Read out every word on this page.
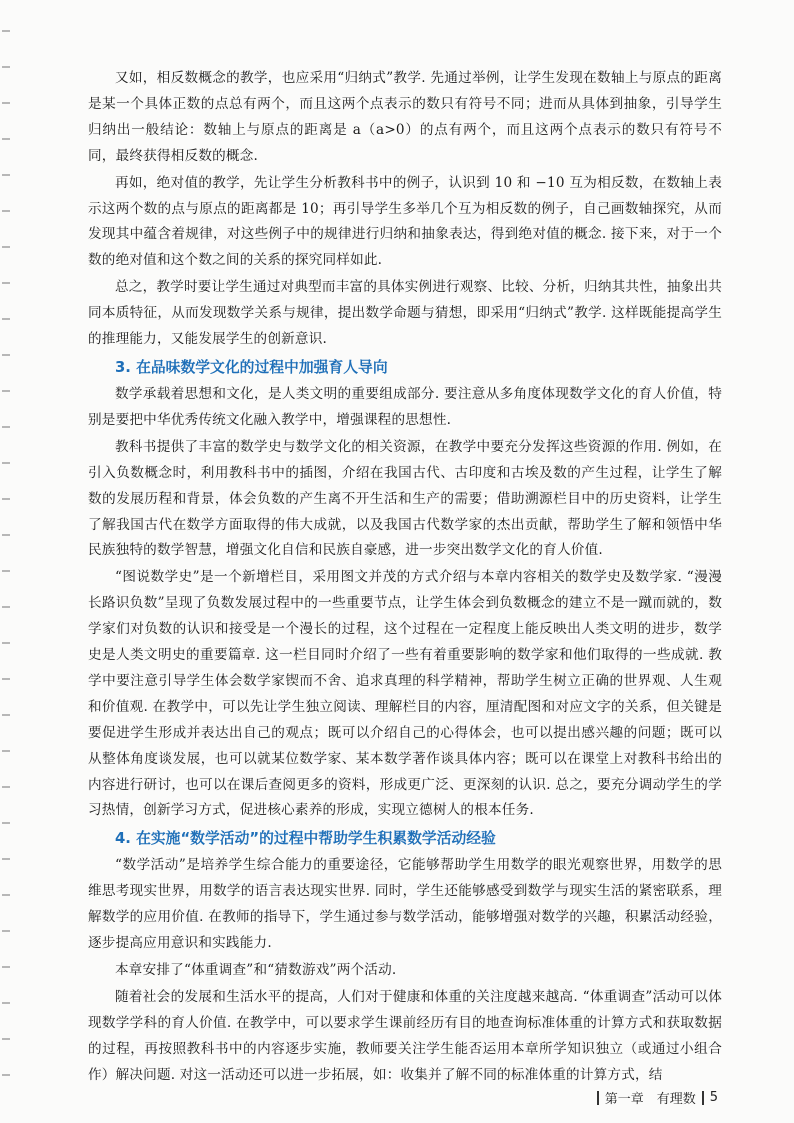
又如，相反数概念的教学，也应采用“归纳式”教学. 先通过举例，让学生发现在数轴上与原点的距离是某一个具体正数的点总有两个，而且这两个点表示的数只有符号不同；进而从具体到抽象，引导学生归纳出一般结论：数轴上与原点的距离是 a（a>0）的点有两个，而且这两个点表示的数只有符号不同，最终获得相反数的概念.

再如，绝对值的教学，先让学生分析教科书中的例子，认识到 10 和 −10 互为相反数，在数轴上表示这两个数的点与原点的距离都是 10；再引导学生多举几个互为相反数的例子，自己画数轴探究，从而发现其中蕴含着规律，对这些例子中的规律进行归纳和抽象表达，得到绝对值的概念. 接下来，对于一个数的绝对值和这个数之间的关系的探究同样如此.

总之，教学时要让学生通过对典型而丰富的具体实例进行观察、比较、分析，归纳其共性，抽象出共同本质特征，从而发现数学关系与规律，提出数学命题与猜想，即采用“归纳式”教学. 这样既能提高学生的推理能力，又能发展学生的创新意识.

3. 在品味数学文化的过程中加强育人导向

数学承载着思想和文化，是人类文明的重要组成部分. 要注意从多角度体现数学文化的育人价值，特别是要把中华优秀传统文化融入教学中，增强课程的思想性.

教科书提供了丰富的数学史与数学文化的相关资源，在教学中要充分发挥这些资源的作用. 例如，在引入负数概念时，利用教科书中的插图，介绍在我国古代、古印度和古埃及数的产生过程，让学生了解数的发展历程和背景，体会负数的产生离不开生活和生产的需要；借助溯源栏目中的历史资料，让学生了解我国古代在数学方面取得的伟大成就，以及我国古代数学家的杰出贡献，帮助学生了解和领悟中华民族独特的数学智慧，增强文化自信和民族自豪感，进一步突出数学文化的育人价值.

“图说数学史”是一个新增栏目，采用图文并茂的方式介绍与本章内容相关的数学史及数学家. “漫漫长路识负数”呈现了负数发展过程中的一些重要节点，让学生体会到负数概念的建立不是一蹴而就的，数学家们对负数的认识和接受是一个漫长的过程，这个过程在一定程度上能反映出人类文明的进步，数学史是人类文明史的重要篇章. 这一栏目同时介绍了一些有着重要影响的数学家和他们取得的一些成就. 教学中要注意引导学生体会数学家锲而不舍、追求真理的科学精神，帮助学生树立正确的世界观、人生观和价值观. 在教学中，可以先让学生独立阅读、理解栏目的内容，厘清配图和对应文字的关系，但关键是要促进学生形成并表达出自己的观点；既可以介绍自己的心得体会，也可以提出感兴趣的问题；既可以从整体角度谈发展，也可以就某位数学家、某本数学著作谈具体内容；既可以在课堂上对教科书给出的内容进行研讨，也可以在课后查阅更多的资料，形成更广泛、更深刻的认识. 总之，要充分调动学生的学习热情，创新学习方式，促进核心素养的形成，实现立德树人的根本任务.

4. 在实施“数学活动”的过程中帮助学生积累数学活动经验

“数学活动”是培养学生综合能力的重要途径，它能够帮助学生用数学的眼光观察世界，用数学的思维思考现实世界，用数学的语言表达现实世界. 同时，学生还能够感受到数学与现实生活的紧密联系，理解数学的应用价值. 在教师的指导下，学生通过参与数学活动，能够增强对数学的兴趣，积累活动经验，逐步提高应用意识和实践能力.

本章安排了“体重调查”和“猜数游戏”两个活动.

随着社会的发展和生活水平的提高，人们对于健康和体重的关注度越来越高. “体重调查”活动可以体现数学学科的育人价值. 在教学中，可以要求学生课前经历有目的地查询标准体重的计算方式和获取数据的过程，再按照教科书中的内容逐步实施，教师要关注学生能否运用本章所学知识独立（或通过小组合作）解决问题. 对这一活动还可以进一步拓展，如：收集并了解不同的标准体重的计算方式，结

第一章　有理数 5
